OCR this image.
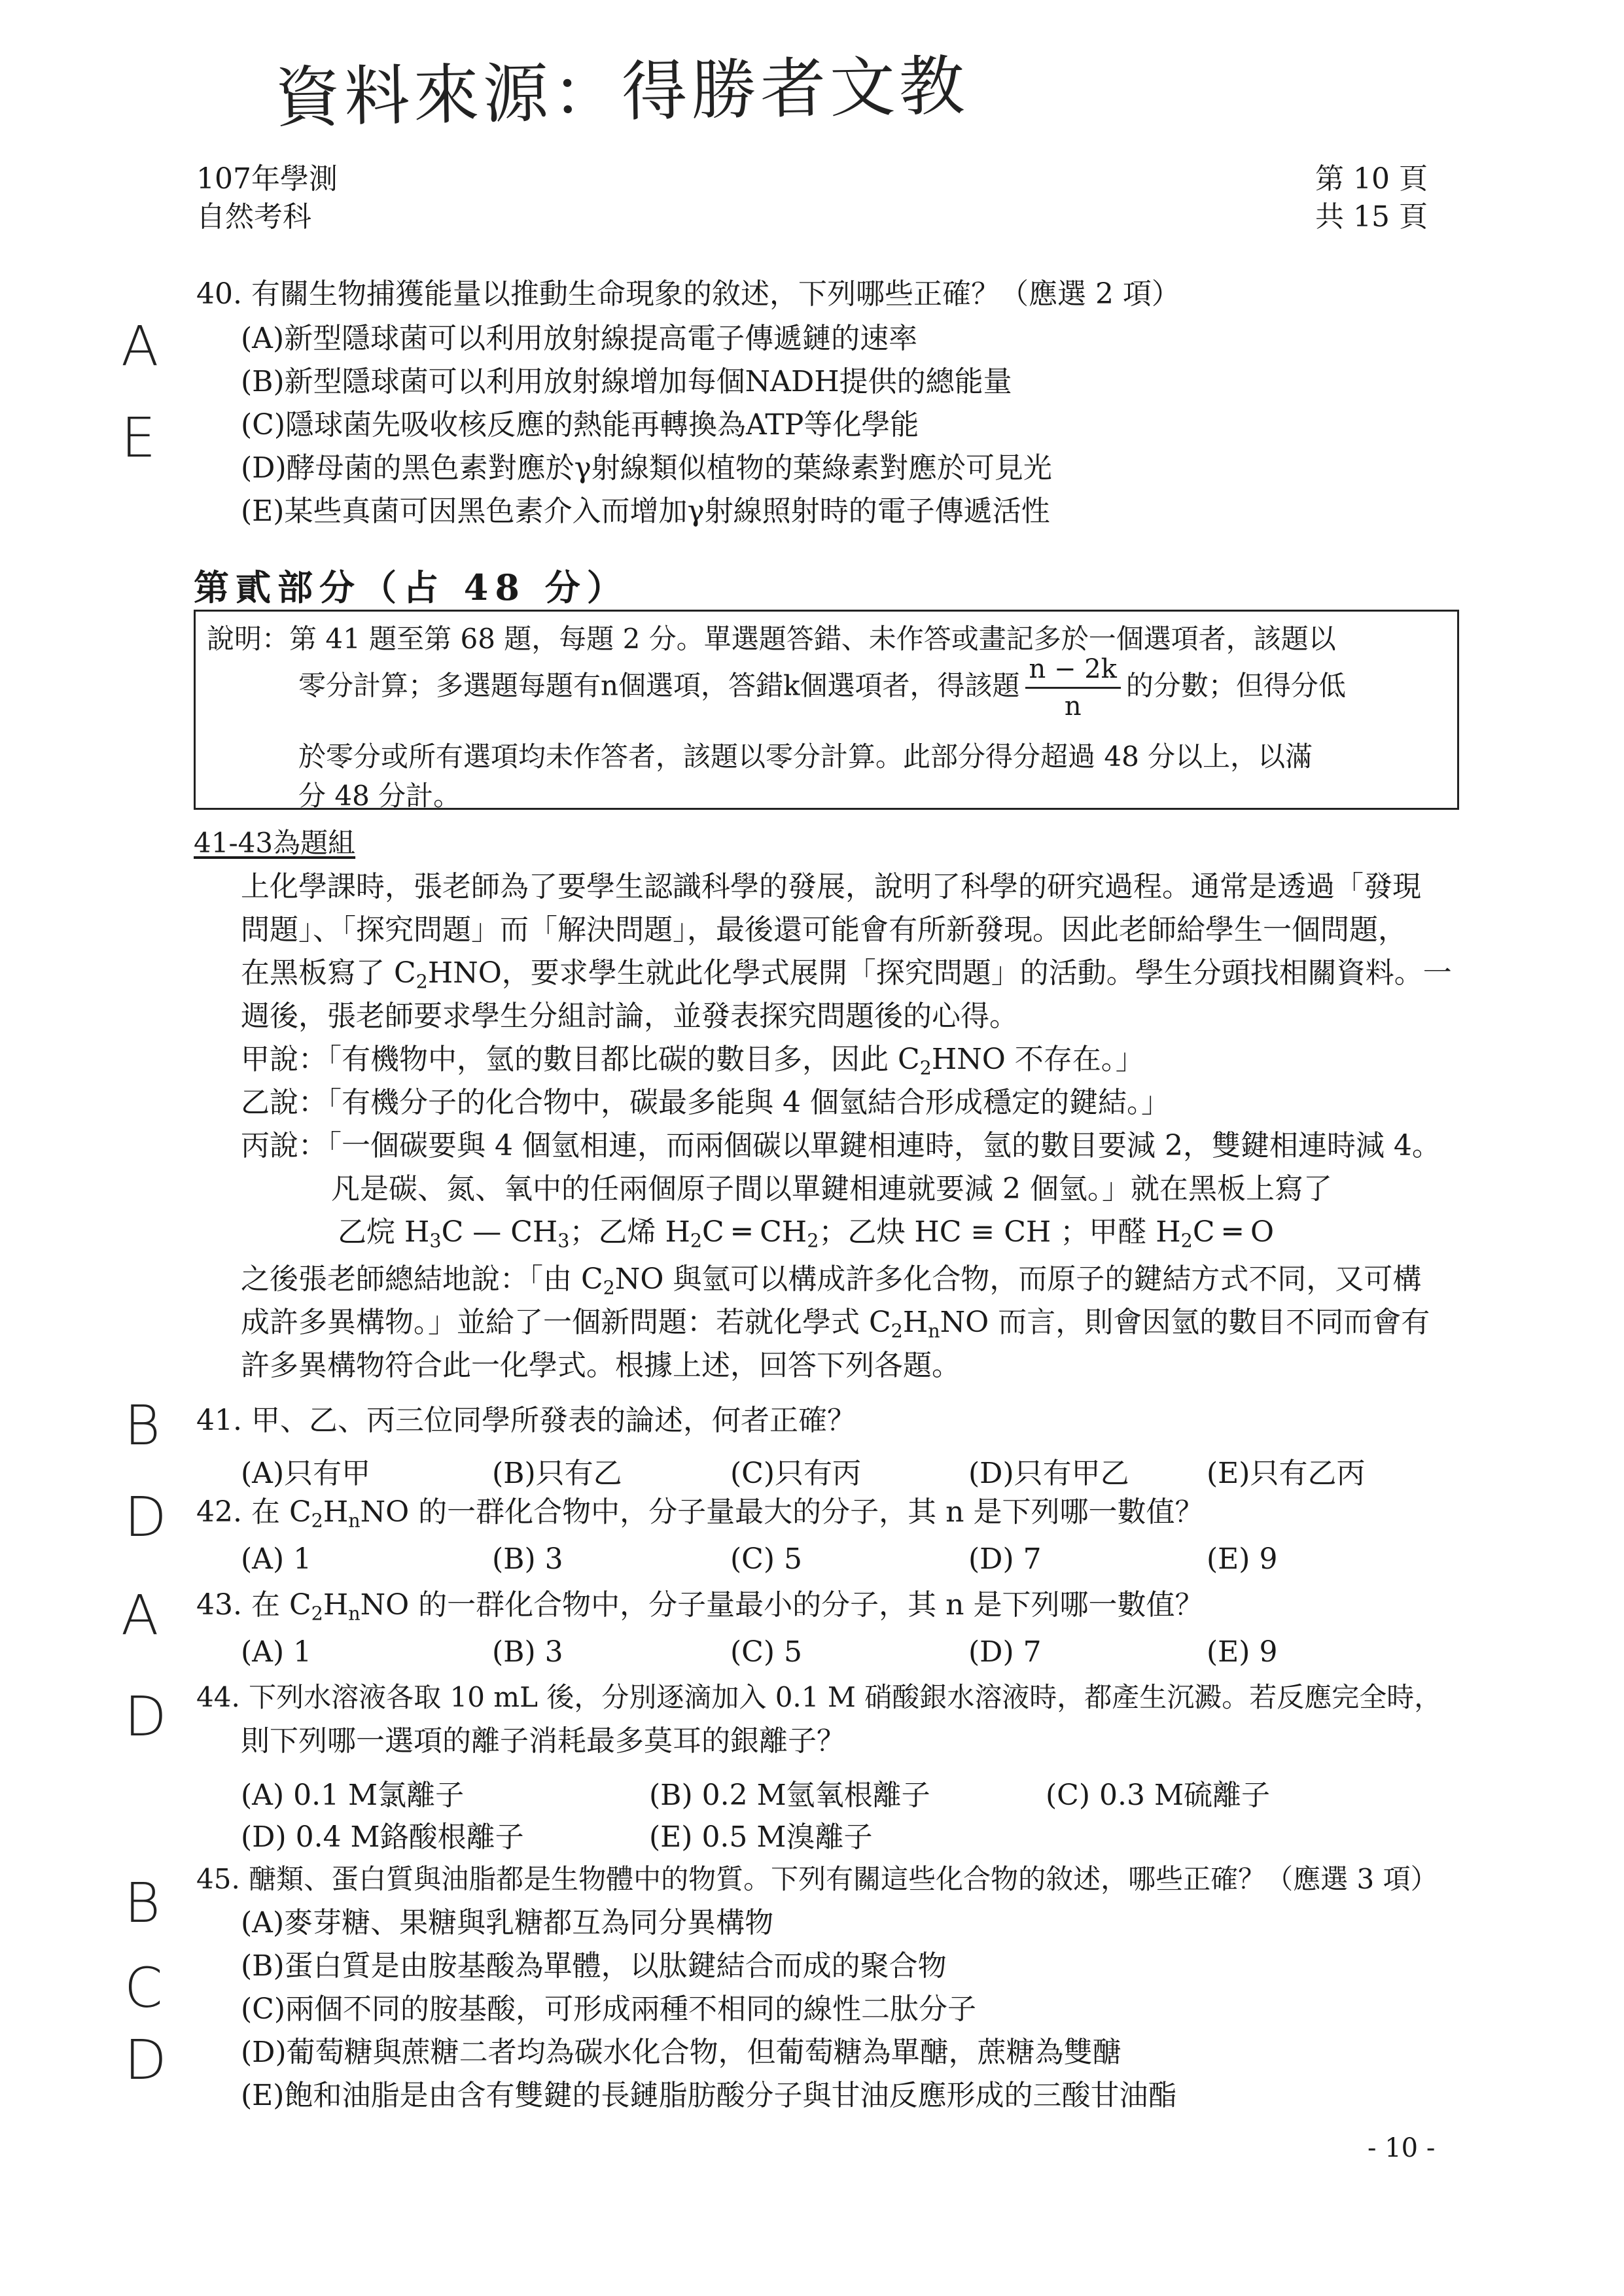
資料來源：得勝者文教
107年學測
自然考科
第 10 頁
共 15 頁
A
E
B
D
A
D
B
C
D
40. 有關生物捕獲能量以推動生命現象的敘述，下列哪些正確？（應選 2 項）
(A)新型隱球菌可以利用放射線提高電子傳遞鏈的速率
(B)新型隱球菌可以利用放射線增加每個NADH提供的總能量
(C)隱球菌先吸收核反應的熱能再轉換為ATP等化學能
(D)酵母菌的黑色素對應於γ射線類似植物的葉綠素對應於可見光
(E)某些真菌可因黑色素介入而增加γ射線照射時的電子傳遞活性
第貳部分（占 48 分）
說明：第 41 題至第 68 題，每題 2 分。單選題答錯、未作答或畫記多於一個選項者，該題以
零分計算；多選題每題有n個選項，答錯k個選項者，得該題 $\frac{n - 2k}{n}$ 的分數；但得分低
於零分或所有選項均未作答者，該題以零分計算。此部分得分超過 48 分以上，以滿
分 48 分計。
41-43為題組
上化學課時，張老師為了要學生認識科學的發展，說明了科學的研究過程。通常是透過「發現
問題」、「探究問題」而「解決問題」，最後還可能會有所新發現。因此老師給學生一個問題，
在黑板寫了 $C_2HNO$，要求學生就此化學式展開「探究問題」的活動。學生分頭找相關資料。一
週後，張老師要求學生分組討論，並發表探究問題後的心得。
甲說：「有機物中，氫的數目都比碳的數目多，因此 $C_2HNO$ 不存在。」
乙說：「有機分子的化合物中，碳最多能與 4 個氫結合形成穩定的鍵結。」
丙說：「一個碳要與 4 個氫相連，而兩個碳以單鍵相連時，氫的數目要減 2，雙鍵相連時減 4。
凡是碳、氮、氧中的任兩個原子間以單鍵相連就要減 2 個氫。」就在黑板上寫了
乙烷 $H_3C$ — $CH_3$；乙烯 $H_2C$ ═ $CH_2$；乙炔 HC ≡ CH ；甲醛 $H_2C$ ═ O
之後張老師總結地說：「由 $C_2NO$ 與氫可以構成許多化合物，而原子的鍵結方式不同，又可構
成許多異構物。」並給了一個新問題：若就化學式 $C_2H_nNO$ 而言，則會因氫的數目不同而會有
許多異構物符合此一化學式。根據上述，回答下列各題。
41. 甲、乙、丙三位同學所發表的論述，何者正確？
(A)只有甲	(B)只有乙	(C)只有丙	(D)只有甲乙	(E)只有乙丙
42. 在 $C_2H_nNO$ 的一群化合物中，分子量最大的分子，其 n 是下列哪一數值？
(A) 1	(B) 3	(C) 5	(D) 7	(E) 9
43. 在 $C_2H_nNO$ 的一群化合物中，分子量最小的分子，其 n 是下列哪一數值？
(A) 1	(B) 3	(C) 5	(D) 7	(E) 9
44. 下列水溶液各取 10 mL 後，分別逐滴加入 0.1 M 硝酸銀水溶液時，都產生沉澱。若反應完全時，
則下列哪一選項的離子消耗最多莫耳的銀離子？
(A) 0.1 M氯離子	(B) 0.2 M氫氧根離子	(C) 0.3 M硫離子
(D) 0.4 M鉻酸根離子	(E) 0.5 M溴離子
45. 醣類、蛋白質與油脂都是生物體中的物質。下列有關這些化合物的敘述，哪些正確？（應選 3 項）
(A)麥芽糖、果糖與乳糖都互為同分異構物
(B)蛋白質是由胺基酸為單體，以肽鍵結合而成的聚合物
(C)兩個不同的胺基酸，可形成兩種不相同的線性二肽分子
(D)葡萄糖與蔗糖二者均為碳水化合物，但葡萄糖為單醣，蔗糖為雙醣
(E)飽和油脂是由含有雙鍵的長鏈脂肪酸分子與甘油反應形成的三酸甘油酯
- 10 -
